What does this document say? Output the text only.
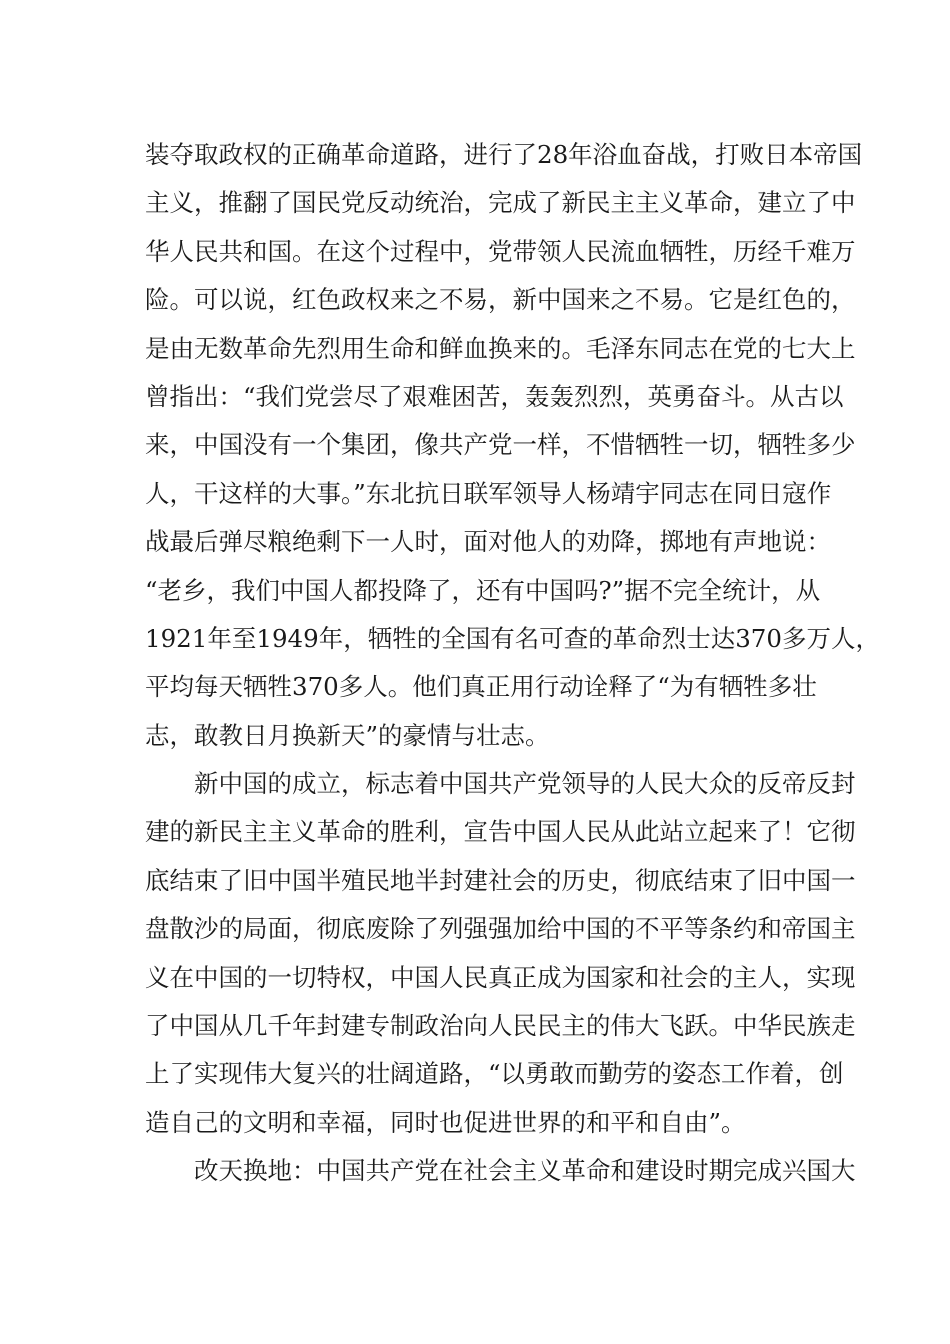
装夺取政权的正确革命道路，进行了28年浴血奋战，打败日本帝国
主义，推翻了国民党反动统治，完成了新民主主义革命，建立了中
华人民共和国。在这个过程中，党带领人民流血牺牲，历经千难万
险。可以说，红色政权来之不易，新中国来之不易。它是红色的，
是由无数革命先烈用生命和鲜血换来的。毛泽东同志在党的七大上
曾指出：“我们党尝尽了艰难困苦，轰轰烈烈，英勇奋斗。从古以
来，中国没有一个集团，像共产党一样，不惜牺牲一切，牺牲多少
人，干这样的大事。”东北抗日联军领导人杨靖宇同志在同日寇作
战最后弹尽粮绝剩下一人时，面对他人的劝降，掷地有声地说：
“老乡，我们中国人都投降了，还有中国吗?”据不完全统计，从
1921年至1949年，牺牲的全国有名可查的革命烈士达370多万人，
平均每天牺牲370多人。他们真正用行动诠释了“为有牺牲多壮
志，敢教日月换新天”的豪情与壮志。
新中国的成立，标志着中国共产党领导的人民大众的反帝反封
建的新民主主义革命的胜利，宣告中国人民从此站立起来了！它彻
底结束了旧中国半殖民地半封建社会的历史，彻底结束了旧中国一
盘散沙的局面，彻底废除了列强强加给中国的不平等条约和帝国主
义在中国的一切特权，中国人民真正成为国家和社会的主人，实现
了中国从几千年封建专制政治向人民民主的伟大飞跃。中华民族走
上了实现伟大复兴的壮阔道路，“以勇敢而勤劳的姿态工作着，创
造自己的文明和幸福，同时也促进世界的和平和自由”。
改天换地：中国共产党在社会主义革命和建设时期完成兴国大
